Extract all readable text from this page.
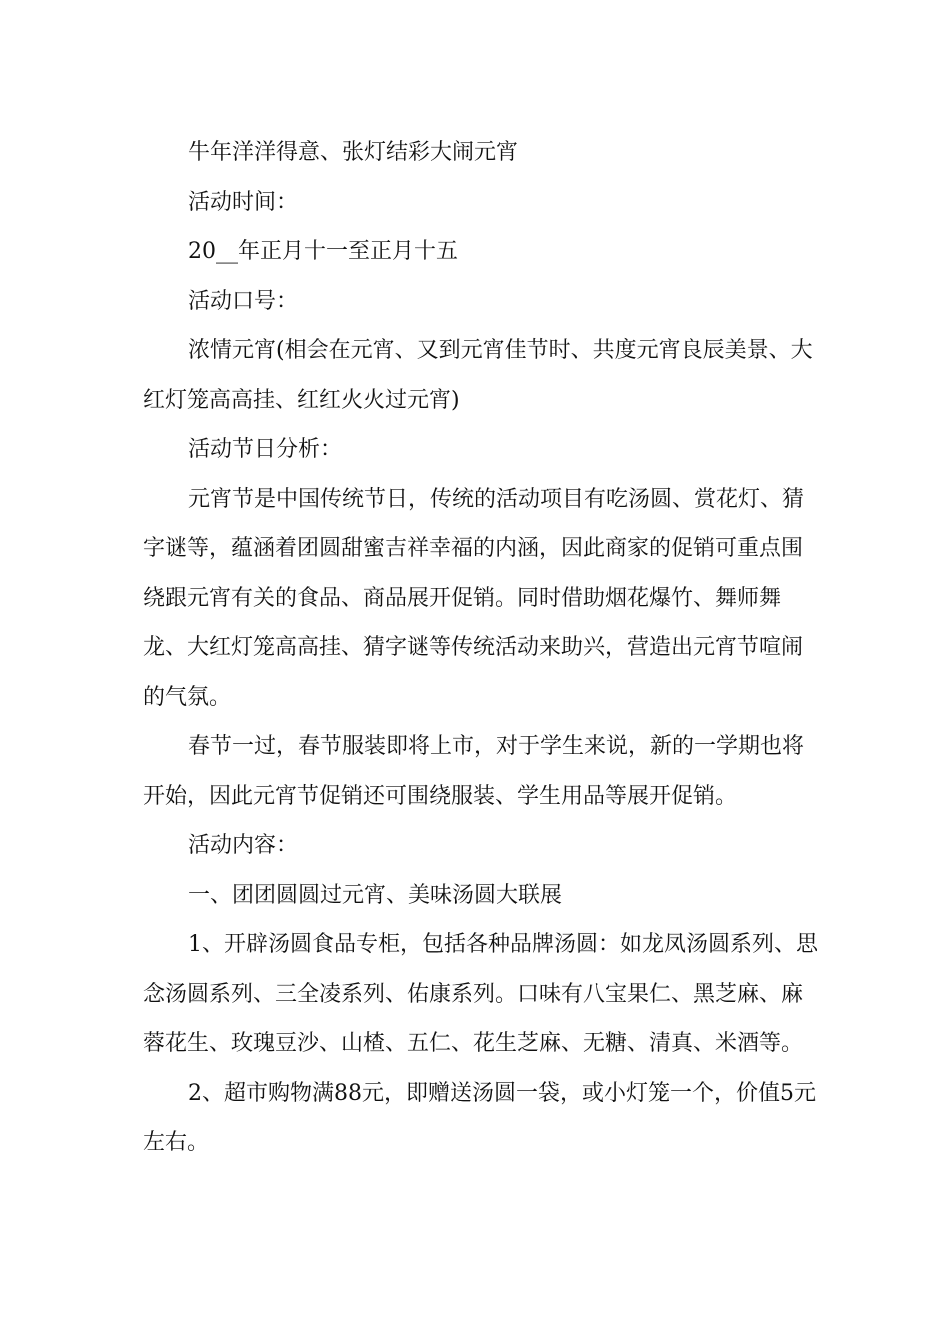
牛年洋洋得意、张灯结彩大闹元宵

活动时间：

20__年正月十一至正月十五

活动口号：

浓情元宵(相会在元宵、又到元宵佳节时、共度元宵良辰美景、大红灯笼高高挂、红红火火过元宵)

活动节日分析：

元宵节是中国传统节日，传统的活动项目有吃汤圆、赏花灯、猜字谜等，蕴涵着团圆甜蜜吉祥幸福的内涵，因此商家的促销可重点围绕跟元宵有关的食品、商品展开促销。同时借助烟花爆竹、舞师舞龙、大红灯笼高高挂、猜字谜等传统活动来助兴，营造出元宵节喧闹的气氛。

春节一过，春节服装即将上市，对于学生来说，新的一学期也将开始，因此元宵节促销还可围绕服装、学生用品等展开促销。

活动内容：

一、团团圆圆过元宵、美味汤圆大联展

1、开辟汤圆食品专柜，包括各种品牌汤圆：如龙凤汤圆系列、思念汤圆系列、三全凌系列、佑康系列。口味有八宝果仁、黑芝麻、麻蓉花生、玫瑰豆沙、山楂、五仁、花生芝麻、无糖、清真、米酒等。

2、超市购物满88元，即赠送汤圆一袋，或小灯笼一个，价值5元左右。
